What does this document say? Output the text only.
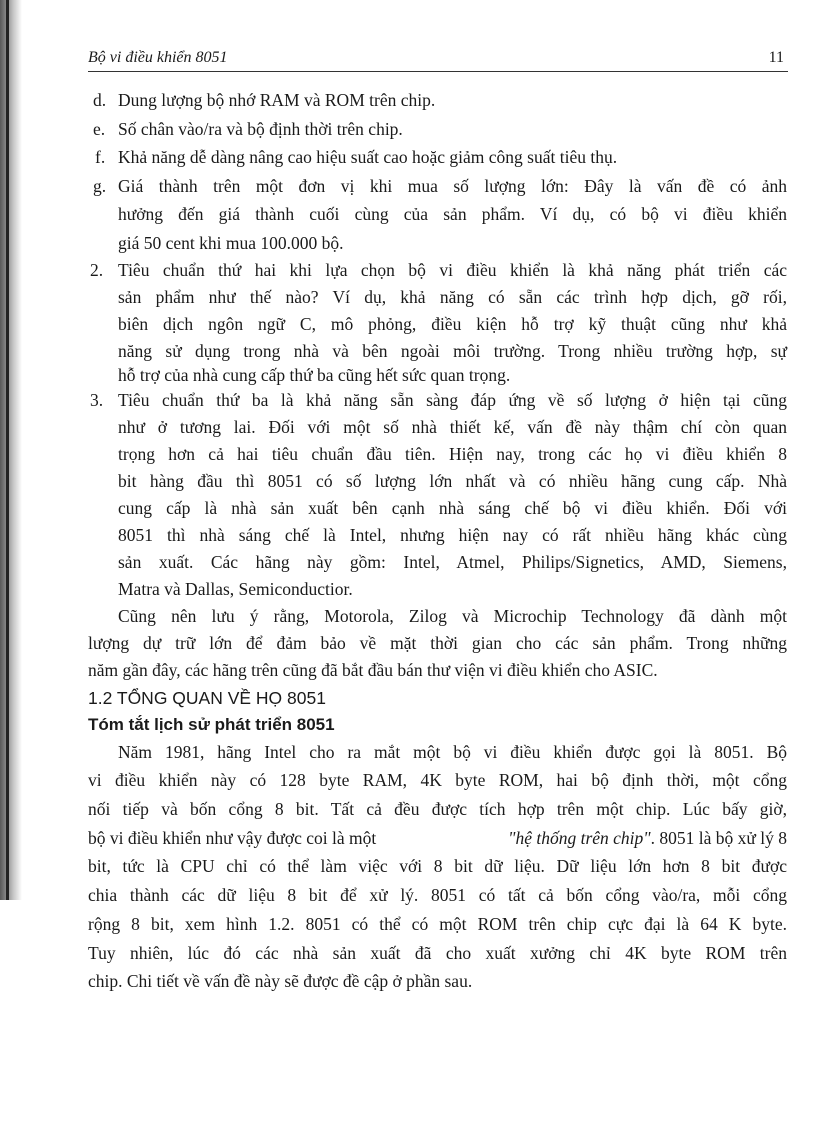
Bộ vi điều khiển 8051	11
d. Dung lượng bộ nhớ RAM và ROM trên chip.
e. Số chân vào/ra và bộ định thời trên chip.
f. Khả năng dễ dàng nâng cao hiệu suất cao hoặc giảm công suất tiêu thụ.
g. Giá thành trên một đơn vị khi mua số lượng lớn: Đây là vấn đề có ảnh
hưởng đến giá thành cuối cùng của sản phẩm. Ví dụ, có bộ vi điều khiển
giá 50 cent khi mua 100.000 bộ.
2. Tiêu chuẩn thứ hai khi lựa chọn bộ vi điều khiển là khả năng phát triển các
sản phẩm như thế nào? Ví dụ, khả năng có sẵn các trình hợp dịch, gỡ rối,
biên dịch ngôn ngữ C, mô phỏng, điều kiện hỗ trợ kỹ thuật cũng như khả
năng sử dụng trong nhà và bên ngoài môi trường. Trong nhiều trường hợp, sự
hỗ trợ của nhà cung cấp thứ ba cũng hết sức quan trọng.
3. Tiêu chuẩn thứ ba là khả năng sẵn sàng đáp ứng về số lượng ở hiện tại cũng
như ở tương lai. Đối với một số nhà thiết kế, vấn đề này thậm chí còn quan
trọng hơn cả hai tiêu chuẩn đầu tiên. Hiện nay, trong các họ vi điều khiển 8
bit hàng đầu thì 8051 có số lượng lớn nhất và có nhiều hãng cung cấp. Nhà
cung cấp là nhà sản xuất bên cạnh nhà sáng chế bộ vi điều khiển. Đối với
8051 thì nhà sáng chế là Intel, nhưng hiện nay có rất nhiều hãng khác cùng
sản xuất. Các hãng này gồm: Intel, Atmel, Philips/Signetics, AMD, Siemens,
Matra và Dallas, Semiconductior.
Cũng nên lưu ý rằng, Motorola, Zilog và Microchip Technology đã dành một
lượng dự trữ lớn để đảm bảo về mặt thời gian cho các sản phẩm. Trong những
năm gần đây, các hãng trên cũng đã bắt đầu bán thư viện vi điều khiển cho ASIC.
1.2 TỔNG QUAN VỀ HỌ 8051
Tóm tắt lịch sử phát triển 8051
Năm 1981, hãng Intel cho ra mắt một bộ vi điều khiển được gọi là 8051. Bộ
vi điều khiển này có 128 byte RAM, 4K byte ROM, hai bộ định thời, một cổng
nối tiếp và bốn cổng 8 bit. Tất cả đều được tích hợp trên một chip. Lúc bấy giờ,
bộ vi điều khiển như vậy được coi là một	"hệ thống trên chip". 8051 là bộ xử lý 8
bit, tức là CPU chỉ có thể làm việc với 8 bit dữ liệu. Dữ liệu lớn hơn 8 bit được
chia thành các dữ liệu 8 bit để xử lý. 8051 có tất cả bốn cổng vào/ra, mỗi cổng
rộng 8 bit, xem hình 1.2. 8051 có thể có một ROM trên chip cực đại là 64 K byte.
Tuy nhiên, lúc đó các nhà sản xuất đã cho xuất xưởng chỉ 4K byte ROM trên
chip. Chi tiết về vấn đề này sẽ được đề cập ở phần sau.
